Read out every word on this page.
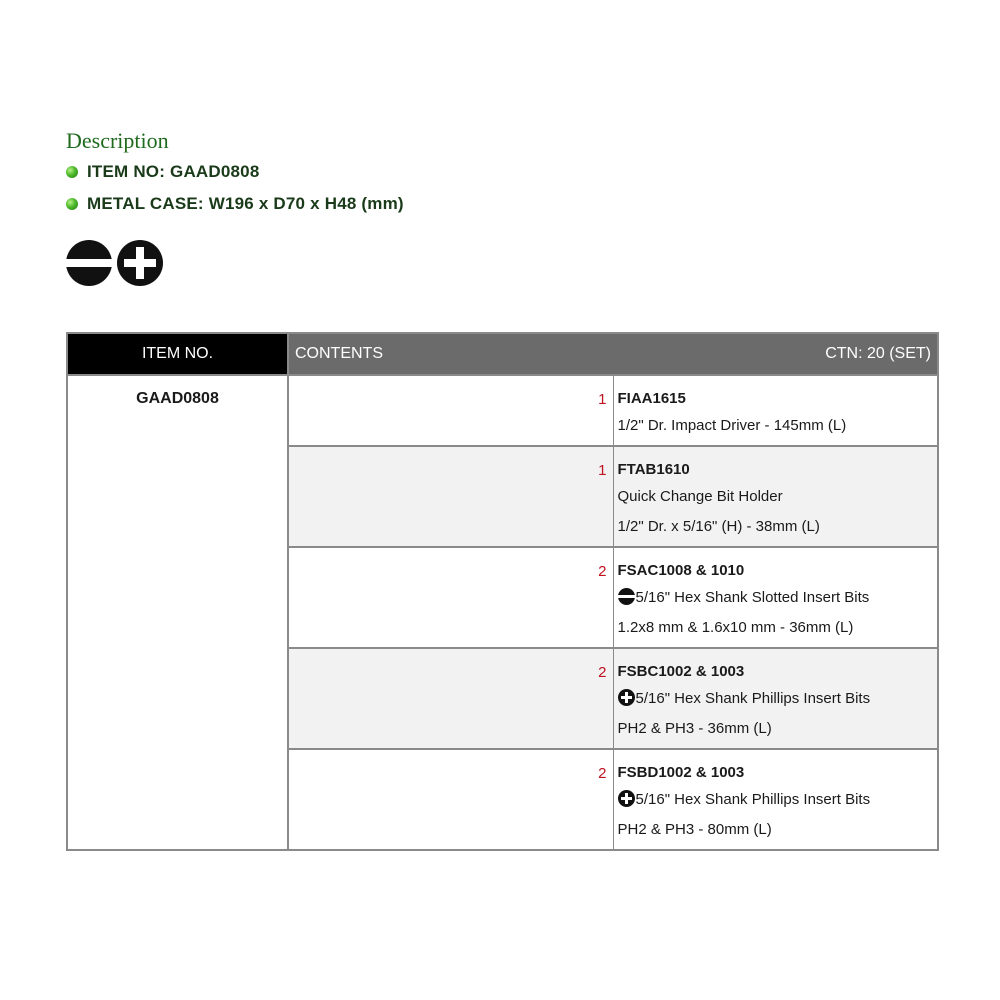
Description
ITEM NO: GAAD0808
METAL CASE: W196 x D70 x H48 (mm)
ITEM NO.	CONTENTS CTN: 20 (SET)	

GAAD0808	1	FIAA1615
1/2" Dr. Impact Driver - 145mm (L)

	1	FTAB1610
Quick Change Bit Holder
1/2" Dr. x 5/16" (H) - 38mm (L)

	2	FSAC1008 & 1010
5/16" Hex Shank Slotted Insert Bits
1.2x8 mm & 1.6x10 mm - 36mm (L)

	2	FSBC1002 & 1003
5/16" Hex Shank Phillips Insert Bits
PH2 & PH3 - 36mm (L)

	2	FSBD1002 & 1003
5/16" Hex Shank Phillips Insert Bits
PH2 & PH3 - 80mm (L)
